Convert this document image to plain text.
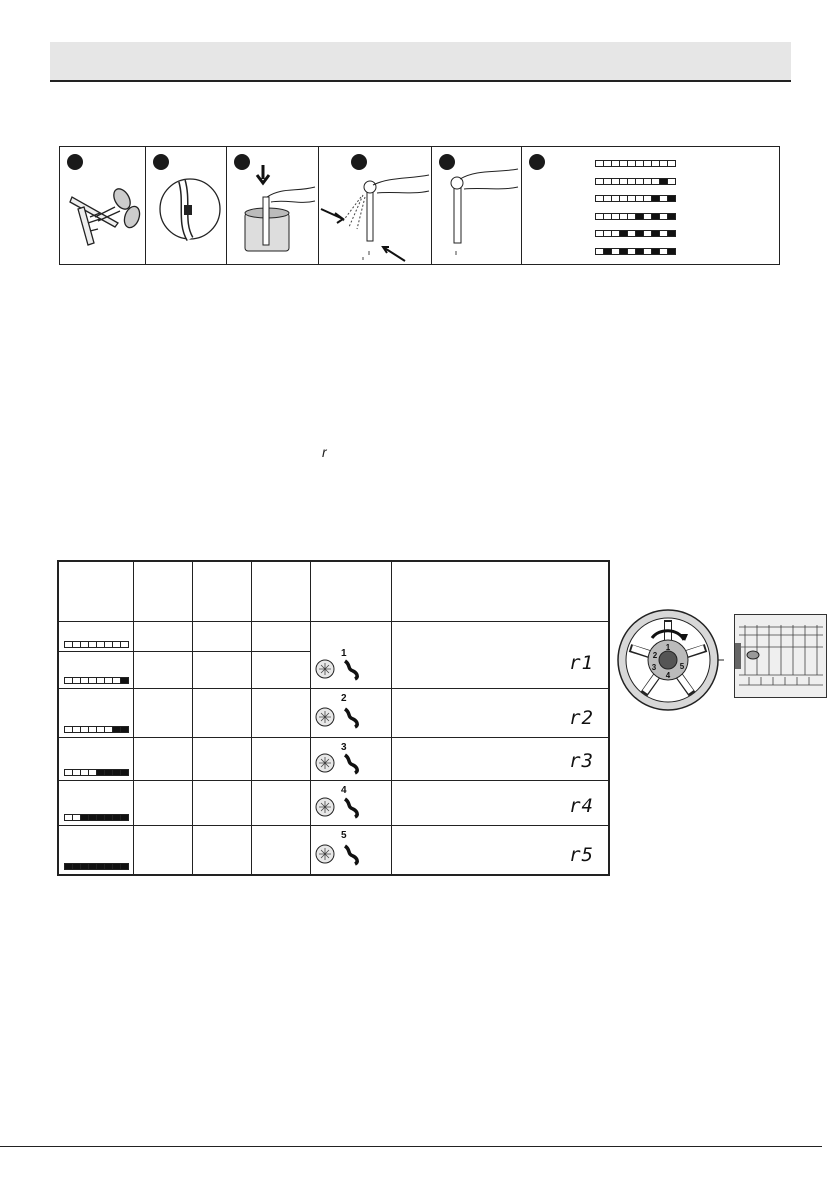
r

				1	r1

				2	r2

				3	r3

				4	r4

				5	r5
1
2
3
4
5
